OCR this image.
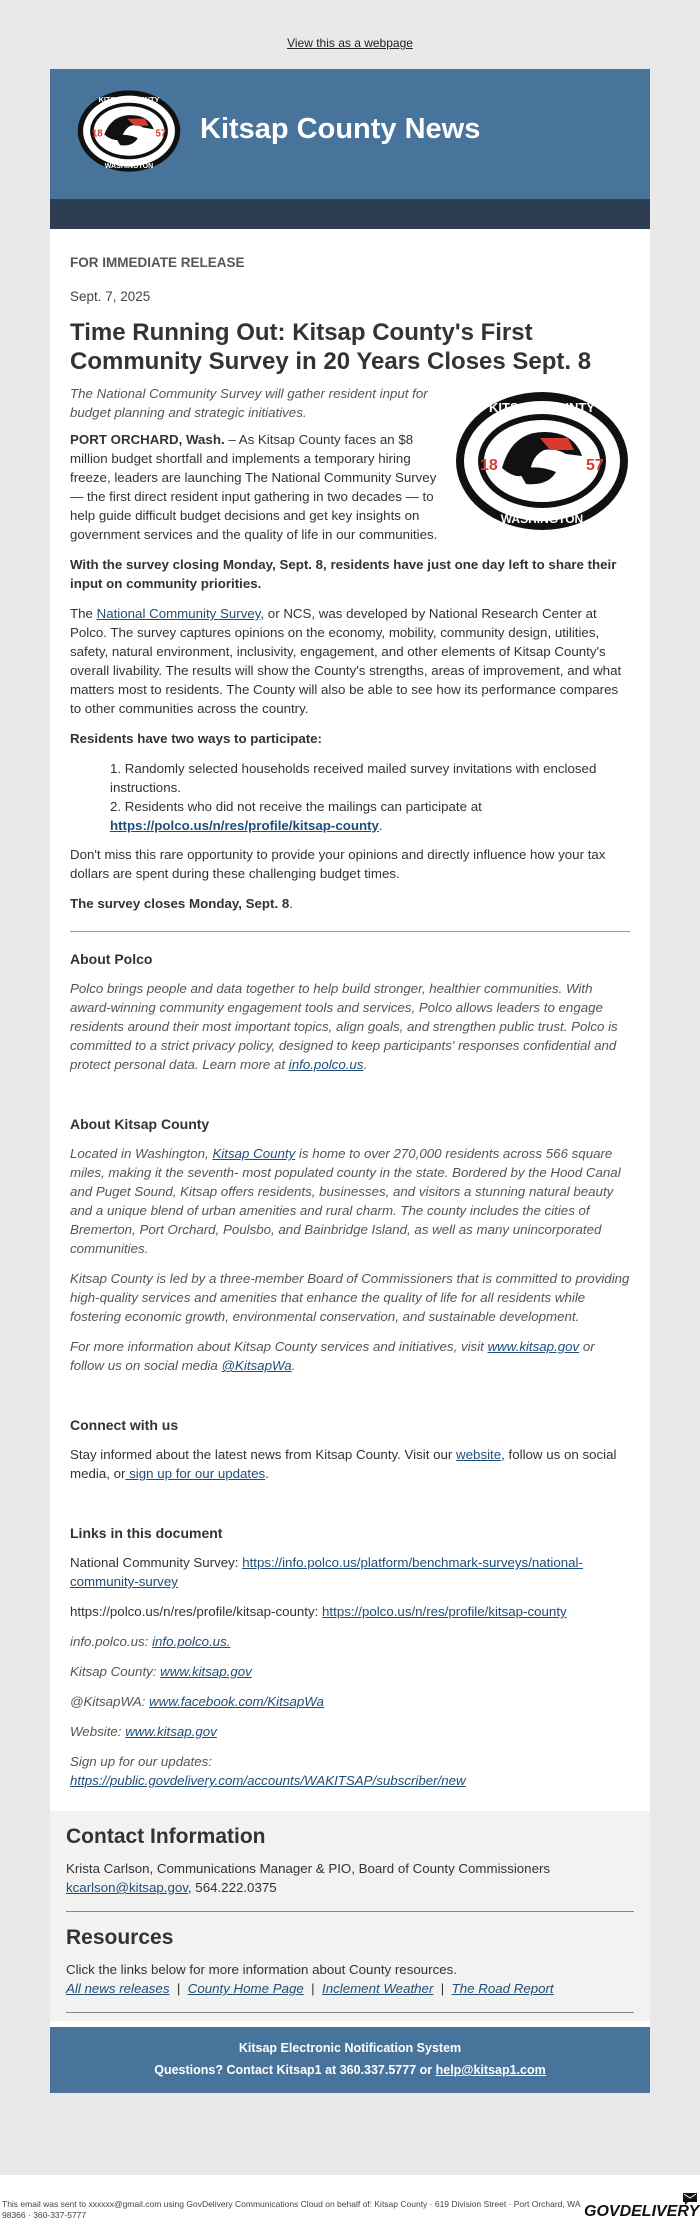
View this as a webpage
18	57
KITSAP COUNTY
WASHINGTON
Kitsap County News
FOR IMMEDIATE RELEASE
Sept. 7, 2025
Time Running Out: Kitsap County's First Community Survey in 20 Years Closes Sept. 8
18	57
KITSAP COUNTY
WASHINGTON

The National Community Survey will gather resident input for budget planning and strategic initiatives.

PORT ORCHARD, Wash. – As Kitsap County faces an $8 million budget shortfall and implements a temporary hiring freeze, leaders are launching The National Community Survey — the first direct resident input gathering in two decades — to help guide difficult budget decisions and get key insights on government services and the quality of life in our communities.

With the survey closing Monday, Sept. 8, residents have just one day left to share their input on community priorities.

The National Community Survey, or NCS, was developed by National Research Center at Polco. The survey captures opinions on the economy, mobility, community design, utilities, safety, natural environment, inclusivity, engagement, and other elements of Kitsap County's overall livability. The results will show the County's strengths, areas of improvement, and what matters most to residents. The County will also be able to see how its performance compares to other communities across the country.

Residents have two ways to participate:

1. Randomly selected households received mailed survey invitations with enclosed instructions.
2. Residents who did not receive the mailings can participate at https://polco.us/n/res/profile/kitsap-county.

Don't miss this rare opportunity to provide your opinions and directly influence how your tax dollars are spent during these challenging budget times.

The survey closes Monday, Sept. 8.

About Polco

Polco brings people and data together to help build stronger, healthier communities. With award-winning community engagement tools and services, Polco allows leaders to engage residents around their most important topics, align goals, and strengthen public trust. Polco is committed to a strict privacy policy, designed to keep participants' responses confidential and protect personal data. Learn more at info.polco.us.

About Kitsap County

Located in Washington, Kitsap County is home to over 270,000 residents across 566 square miles, making it the seventh- most populated county in the state. Bordered by the Hood Canal and Puget Sound, Kitsap offers residents, businesses, and visitors a stunning natural beauty and a unique blend of urban amenities and rural charm. The county includes the cities of Bremerton, Port Orchard, Poulsbo, and Bainbridge Island, as well as many unincorporated communities.

Kitsap County is led by a three-member Board of Commissioners that is committed to providing high-quality services and amenities that enhance the quality of life for all residents while fostering economic growth, environmental conservation, and sustainable development.

For more information about Kitsap County services and initiatives, visit www.kitsap.gov or follow us on social media @KitsapWa.

Connect with us

Stay informed about the latest news from Kitsap County. Visit our website, follow us on social media, or sign up for our updates.

Links in this document

National Community Survey: https://info.polco.us/platform/benchmark-surveys/national-community-survey

https://polco.us/n/res/profile/kitsap-county: https://polco.us/n/res/profile/kitsap-county

info.polco.us: info.polco.us.

Kitsap County: www.kitsap.gov

@KitsapWA: www.facebook.com/KitsapWa

Website: www.kitsap.gov

Sign up for our updates:
https://public.govdelivery.com/accounts/WAKITSAP/subscriber/new

Contact Information

Krista Carlson, Communications Manager & PIO, Board of County Commissioners
kcarlson@kitsap.gov, 564.222.0375

Resources

Click the links below for more information about County resources.
All news releases | County Home Page | Inclement Weather | The Road Report

Kitsap Electronic Notification System
Questions? Contact Kitsap1 at 360.337.5777 or help@kitsap1.com
This email was sent to xxxxxx@gmail.com using GovDelivery Communications Cloud on behalf of: Kitsap County · 619 Division Street · Port Orchard, WA 98366 · 360-337-5777	GOVDELIVERY
